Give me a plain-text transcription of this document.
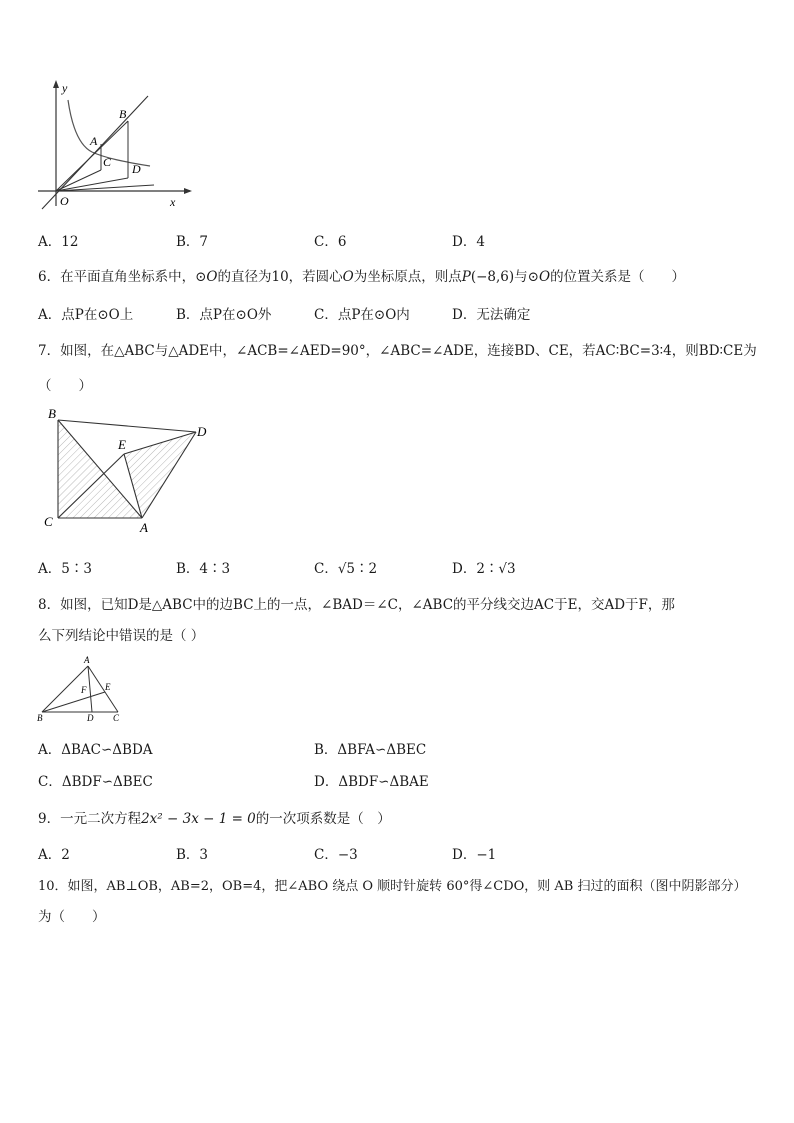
y
x
O
A
B
C D
A．12	B．7	C．6	D．4
6．在平面直角坐标系中，⊙O的直径为10，若圆心O为坐标原点，则点P(−8,6)与⊙O的位置关系是（　　）
A．点P在⊙O上	B．点P在⊙O外	C．点P在⊙O内	D．无法确定
7．如图，在△ABC与△ADE中，∠ACB=∠AED=90°，∠ABC=∠ADE，连接BD、CE，若AC∶BC=3∶4，则BD∶CE为
（　　）
B
C	A
D
E
A．5∶3	B．4∶3	C．√5∶2	D．2∶√3
8．如图，已知D是△ABC中的边BC上的一点，∠BAD＝∠C，∠ABC的平分线交边AC于E，交AD于F，那
么下列结论中错误的是（ ）
A
B	C
D
E
F
A．ΔBAC∽ΔBDA	B．ΔBFA∽ΔBEC
C．ΔBDF∽ΔBEC	D．ΔBDF∽ΔBAE
9．一元二次方程2x² − 3x − 1 = 0的一次项系数是（　）
A．2	B．3	C．−3	D．−1
10．如图，AB⊥OB，AB=2，OB=4，把∠ABO 绕点 O 顺时针旋转 60°得∠CDO，则 AB 扫过的面积（图中阴影部分）
为（　　）
